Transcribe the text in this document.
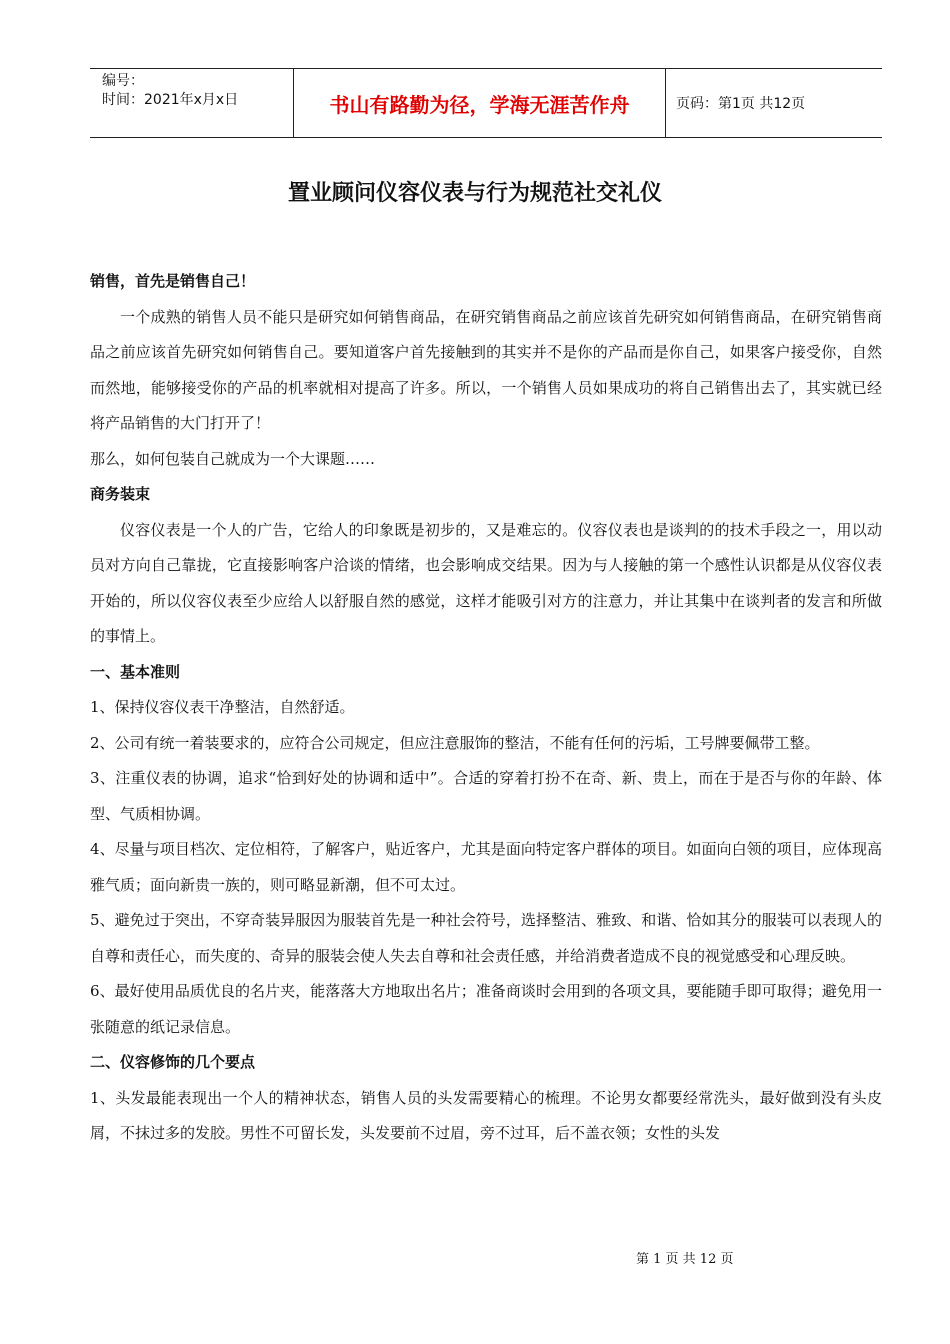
编号：
时间：2021年x月x日	书山有路勤为径，学海无涯苦作舟	页码：第1页 共12页
置业顾问仪容仪表与行为规范社交礼仪

销售，首先是销售自己！

一个成熟的销售人员不能只是研究如何销售商品，在研究销售商品之前应该首先研究如何销售商品，在研究销售商品之前应该首先研究如何销售自己。要知道客户首先接触到的其实并不是你的产品而是你自己，如果客户接受你，自然而然地，能够接受你的产品的机率就相对提高了许多。所以，一个销售人员如果成功的将自己销售出去了，其实就已经将产品销售的大门打开了！

那么，如何包装自己就成为一个大课题……

商务装束

仪容仪表是一个人的广告，它给人的印象既是初步的，又是难忘的。仪容仪表也是谈判的的技术手段之一，用以动员对方向自己靠拢，它直接影响客户洽谈的情绪，也会影响成交结果。因为与人接触的第一个感性认识都是从仪容仪表开始的，所以仪容仪表至少应给人以舒服自然的感觉，这样才能吸引对方的注意力，并让其集中在谈判者的发言和所做的事情上。

一、基本准则

1、保持仪容仪表干净整洁，自然舒适。

2、公司有统一着装要求的，应符合公司规定，但应注意服饰的整洁，不能有任何的污垢，工号牌要佩带工整。

3、注重仪表的协调，追求“恰到好处的协调和适中”。合适的穿着打扮不在奇、新、贵上，而在于是否与你的年龄、体型、气质相协调。

4、尽量与项目档次、定位相符，了解客户，贴近客户，尤其是面向特定客户群体的项目。如面向白领的项目，应体现高雅气质；面向新贵一族的，则可略显新潮，但不可太过。

5、避免过于突出，不穿奇装异服因为服装首先是一种社会符号，选择整洁、雅致、和谐、恰如其分的服装可以表现人的自尊和责任心，而失度的、奇异的服装会使人失去自尊和社会责任感，并给消费者造成不良的视觉感受和心理反映。

6、最好使用品质优良的名片夹，能落落大方地取出名片；准备商谈时会用到的各项文具，要能随手即可取得；避免用一张随意的纸记录信息。

二、仪容修饰的几个要点

1、头发最能表现出一个人的精神状态，销售人员的头发需要精心的梳理。不论男女都要经常洗头，最好做到没有头皮屑，不抹过多的发胶。男性不可留长发，头发要前不过眉，旁不过耳，后不盖衣领；女性的头发

第 1 页 共 12 页
